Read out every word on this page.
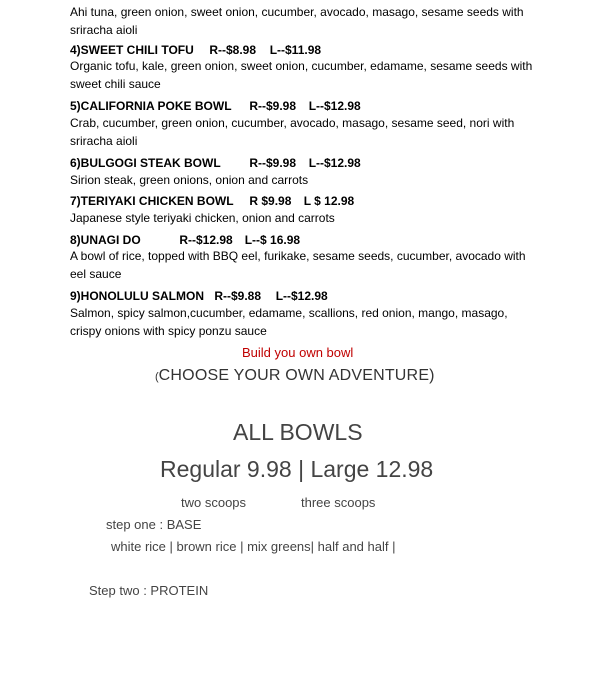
Ahi tuna, green onion, sweet onion, cucumber, avocado, masago, sesame seeds with
sriracha aioli
4)SWEET CHILI TOFU R--$8.98 L--$11.98
Organic tofu, kale, green onion, sweet onion, cucumber, edamame, sesame seeds with
sweet chili sauce
5)CALIFORNIA POKE BOWL R--$9.98 L--$12.98
Crab, cucumber, green onion, cucumber, avocado, masago, sesame seed, nori with
sriracha aioli
6)BULGOGI STEAK BOWL R--$9.98 L--$12.98
Sirion steak, green onions, onion and carrots
7)TERIYAKI CHICKEN BOWL R $9.98 L $ 12.98
Japanese style teriyaki chicken, onion and carrots
8)UNAGI DO	R--$12.98 L--$ 16.98
A bowl of rice, topped with BBQ eel, furikake, sesame seeds, cucumber, avocado with
eel sauce
9)HONOLULU SALMON R--$9.88 L--$12.98
Salmon, spicy salmon,cucumber, edamame, scallions, red onion, mango, masago,
crispy onions with spicy ponzu sauce
Build you own bowl
(CHOOSE YOUR OWN ADVENTURE)
ALL BOWLS
Regular 9.98 | Large 12.98
two scoops	three scoops
step one : BASE
white rice | brown rice | mix greens| half and half |
Step two : PROTEIN
